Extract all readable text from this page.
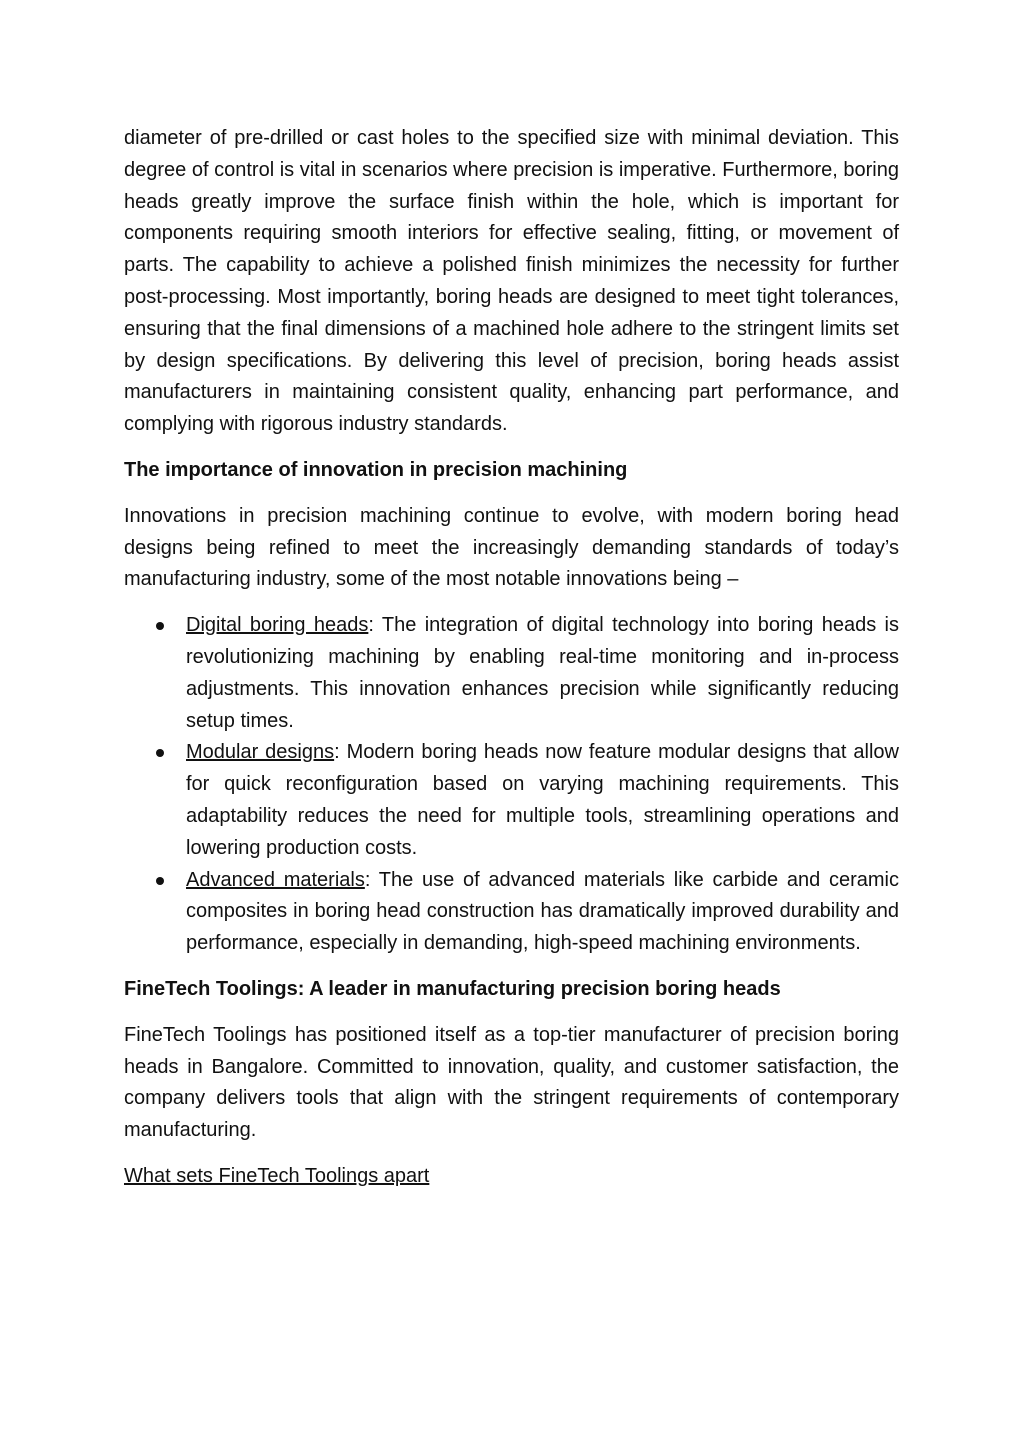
diameter of pre-drilled or cast holes to the specified size with minimal deviation. This degree of control is vital in scenarios where precision is imperative. Furthermore, boring heads greatly improve the surface finish within the hole, which is important for components requiring smooth interiors for effective sealing, fitting, or movement of parts. The capability to achieve a polished finish minimizes the necessity for further post-processing. Most importantly, boring heads are designed to meet tight tolerances, ensuring that the final dimensions of a machined hole adhere to the stringent limits set by design specifications. By delivering this level of precision, boring heads assist manufacturers in maintaining consistent quality, enhancing part performance, and complying with rigorous industry standards.

The importance of innovation in precision machining

Innovations in precision machining continue to evolve, with modern boring head designs being refined to meet the increasingly demanding standards of today’s manufacturing industry, some of the most notable innovations being –

Digital boring heads: The integration of digital technology into boring heads is revolutionizing machining by enabling real-time monitoring and in-process adjustments. This innovation enhances precision while significantly reducing setup times.
Modular designs: Modern boring heads now feature modular designs that allow for quick reconfiguration based on varying machining requirements. This adaptability reduces the need for multiple tools, streamlining operations and lowering production costs.
Advanced materials: The use of advanced materials like carbide and ceramic composites in boring head construction has dramatically improved durability and performance, especially in demanding, high-speed machining environments.
FineTech Toolings: A leader in manufacturing precision boring heads

FineTech Toolings has positioned itself as a top-tier manufacturer of precision boring heads in Bangalore. Committed to innovation, quality, and customer satisfaction, the company delivers tools that align with the stringent requirements of contemporary manufacturing.

What sets FineTech Toolings apart
